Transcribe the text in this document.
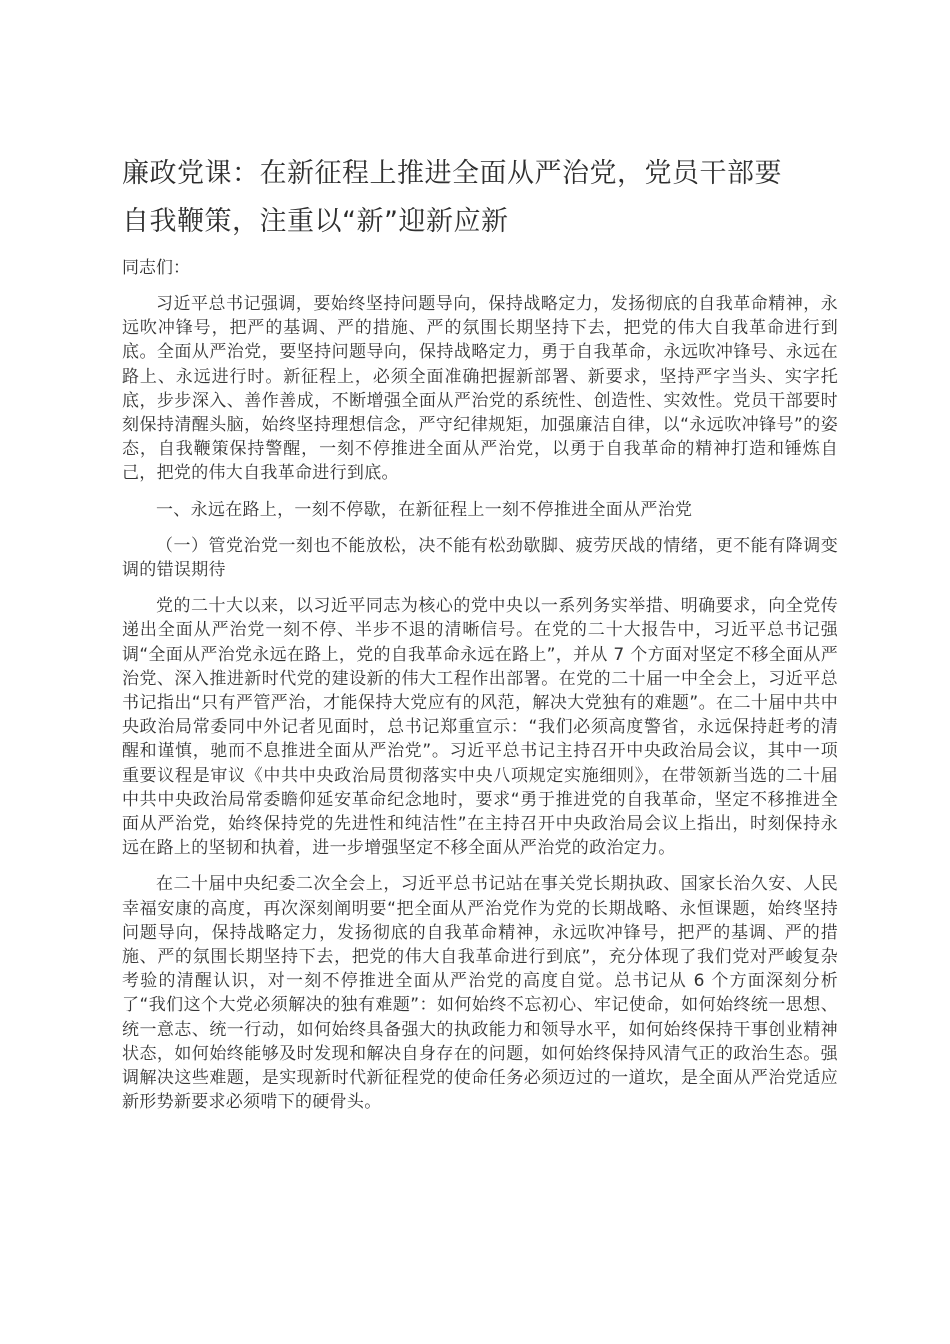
廉政党课：在新征程上推进全面从严治党，党员干部要
自我鞭策，注重以“新”迎新应新

同志们：

习近平总书记强调，要始终坚持问题导向，保持战略定力，发扬彻底的自我革命精神，永远吹冲锋号，把严的基调、严的措施、严的氛围长期坚持下去，把党的伟大自我革命进行到底。全面从严治党，要坚持问题导向，保持战略定力，勇于自我革命，永远吹冲锋号、永远在路上、永远进行时。新征程上，必须全面准确把握新部署、新要求，坚持严字当头、实字托底，步步深入、善作善成，不断增强全面从严治党的系统性、创造性、实效性。党员干部要时刻保持清醒头脑，始终坚持理想信念，严守纪律规矩，加强廉洁自律，以“永远吹冲锋号”的姿态，自我鞭策保持警醒，一刻不停推进全面从严治党，以勇于自我革命的精神打造和锤炼自己，把党的伟大自我革命进行到底。

一、永远在路上，一刻不停歇，在新征程上一刻不停推进全面从严治党

（一）管党治党一刻也不能放松，决不能有松劲歇脚、疲劳厌战的情绪，更不能有降调变调的错误期待

党的二十大以来，以习近平同志为核心的党中央以一系列务实举措、明确要求，向全党传递出全面从严治党一刻不停、半步不退的清晰信号。在党的二十大报告中，习近平总书记强调“全面从严治党永远在路上，党的自我革命永远在路上”，并从 7 个方面对坚定不移全面从严治党、深入推进新时代党的建设新的伟大工程作出部署。在党的二十届一中全会上，习近平总书记指出“只有严管严治，才能保持大党应有的风范，解决大党独有的难题”。在二十届中共中央政治局常委同中外记者见面时，总书记郑重宣示：“我们必须高度警省，永远保持赶考的清醒和谨慎，驰而不息推进全面从严治党”。习近平总书记主持召开中央政治局会议，其中一项重要议程是审议《中共中央政治局贯彻落实中央八项规定实施细则》，在带领新当选的二十届中共中央政治局常委瞻仰延安革命纪念地时，要求“勇于推进党的自我革命，坚定不移推进全面从严治党，始终保持党的先进性和纯洁性”在主持召开中央政治局会议上指出，时刻保持永远在路上的坚韧和执着，进一步增强坚定不移全面从严治党的政治定力。

在二十届中央纪委二次全会上，习近平总书记站在事关党长期执政、国家长治久安、人民幸福安康的高度，再次深刻阐明要“把全面从严治党作为党的长期战略、永恒课题，始终坚持问题导向，保持战略定力，发扬彻底的自我革命精神，永远吹冲锋号，把严的基调、严的措施、严的氛围长期坚持下去，把党的伟大自我革命进行到底”，充分体现了我们党对严峻复杂考验的清醒认识，对一刻不停推进全面从严治党的高度自觉。总书记从 6 个方面深刻分析了“我们这个大党必须解决的独有难题”：如何始终不忘初心、牢记使命，如何始终统一思想、统一意志、统一行动，如何始终具备强大的执政能力和领导水平，如何始终保持干事创业精神状态，如何始终能够及时发现和解决自身存在的问题，如何始终保持风清气正的政治生态。强调解决这些难题，是实现新时代新征程党的使命任务必须迈过的一道坎，是全面从严治党适应新形势新要求必须啃下的硬骨头。
